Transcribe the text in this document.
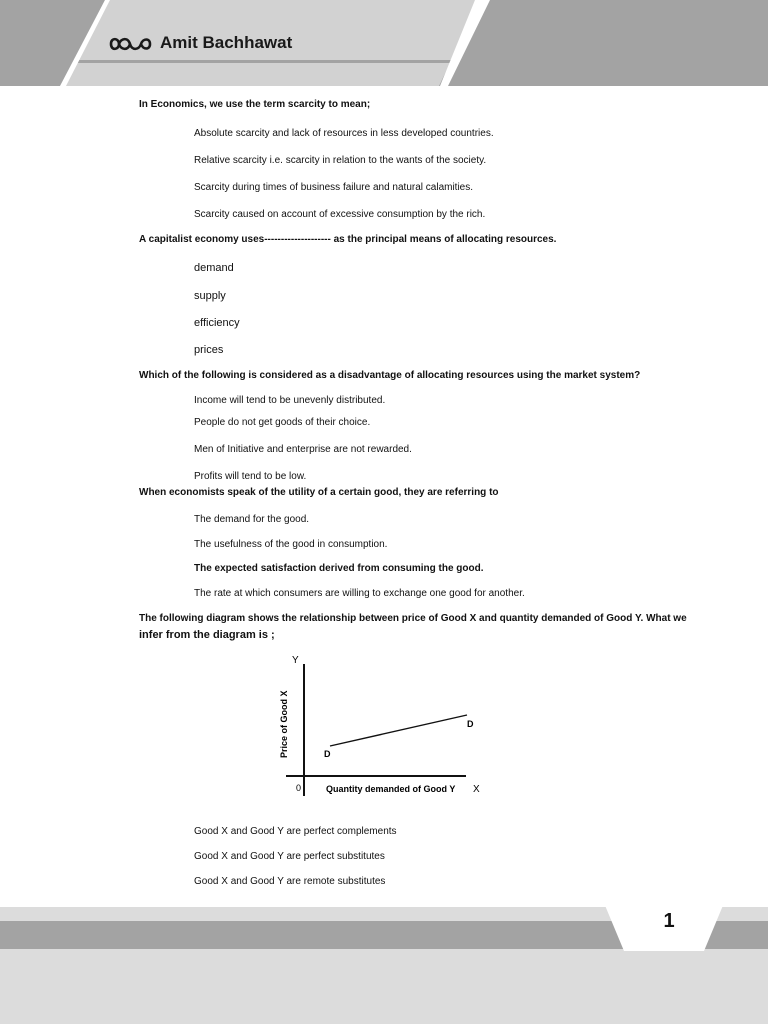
Amit Bachhawat

In Economics, we use the term scarcity to mean;

Absolute scarcity and lack of resources in less developed countries.

Relative scarcity i.e. scarcity in relation to the wants of the society.

Scarcity during times of business failure and natural calamities.

Scarcity caused on account of excessive consumption by the rich.

A capitalist economy uses-------------------- as the principal means of allocating resources.

demand

supply

efficiency

prices

Which of the following is considered as a disadvantage of allocating resources using the market system?

Income will tend to be unevenly distributed.

People do not get goods of their choice.

Men of Initiative and enterprise are not rewarded.

Profits will tend to be low.

When economists speak of the utility of a certain good, they are referring to

The demand for the good.

The usefulness of the good in consumption.

The expected satisfaction derived from consuming the good.

The rate at which consumers are willing to exchange one good for another.

The following diagram shows the relationship between price of Good X and quantity demanded of Good Y. What we

infer from the diagram is ;

Y
X
0
D
D
Quantity demanded of Good Y
Price of Good X

Good X and Good Y are perfect complements

Good X and Good Y are perfect substitutes

Good X and Good Y are remote substitutes

1
